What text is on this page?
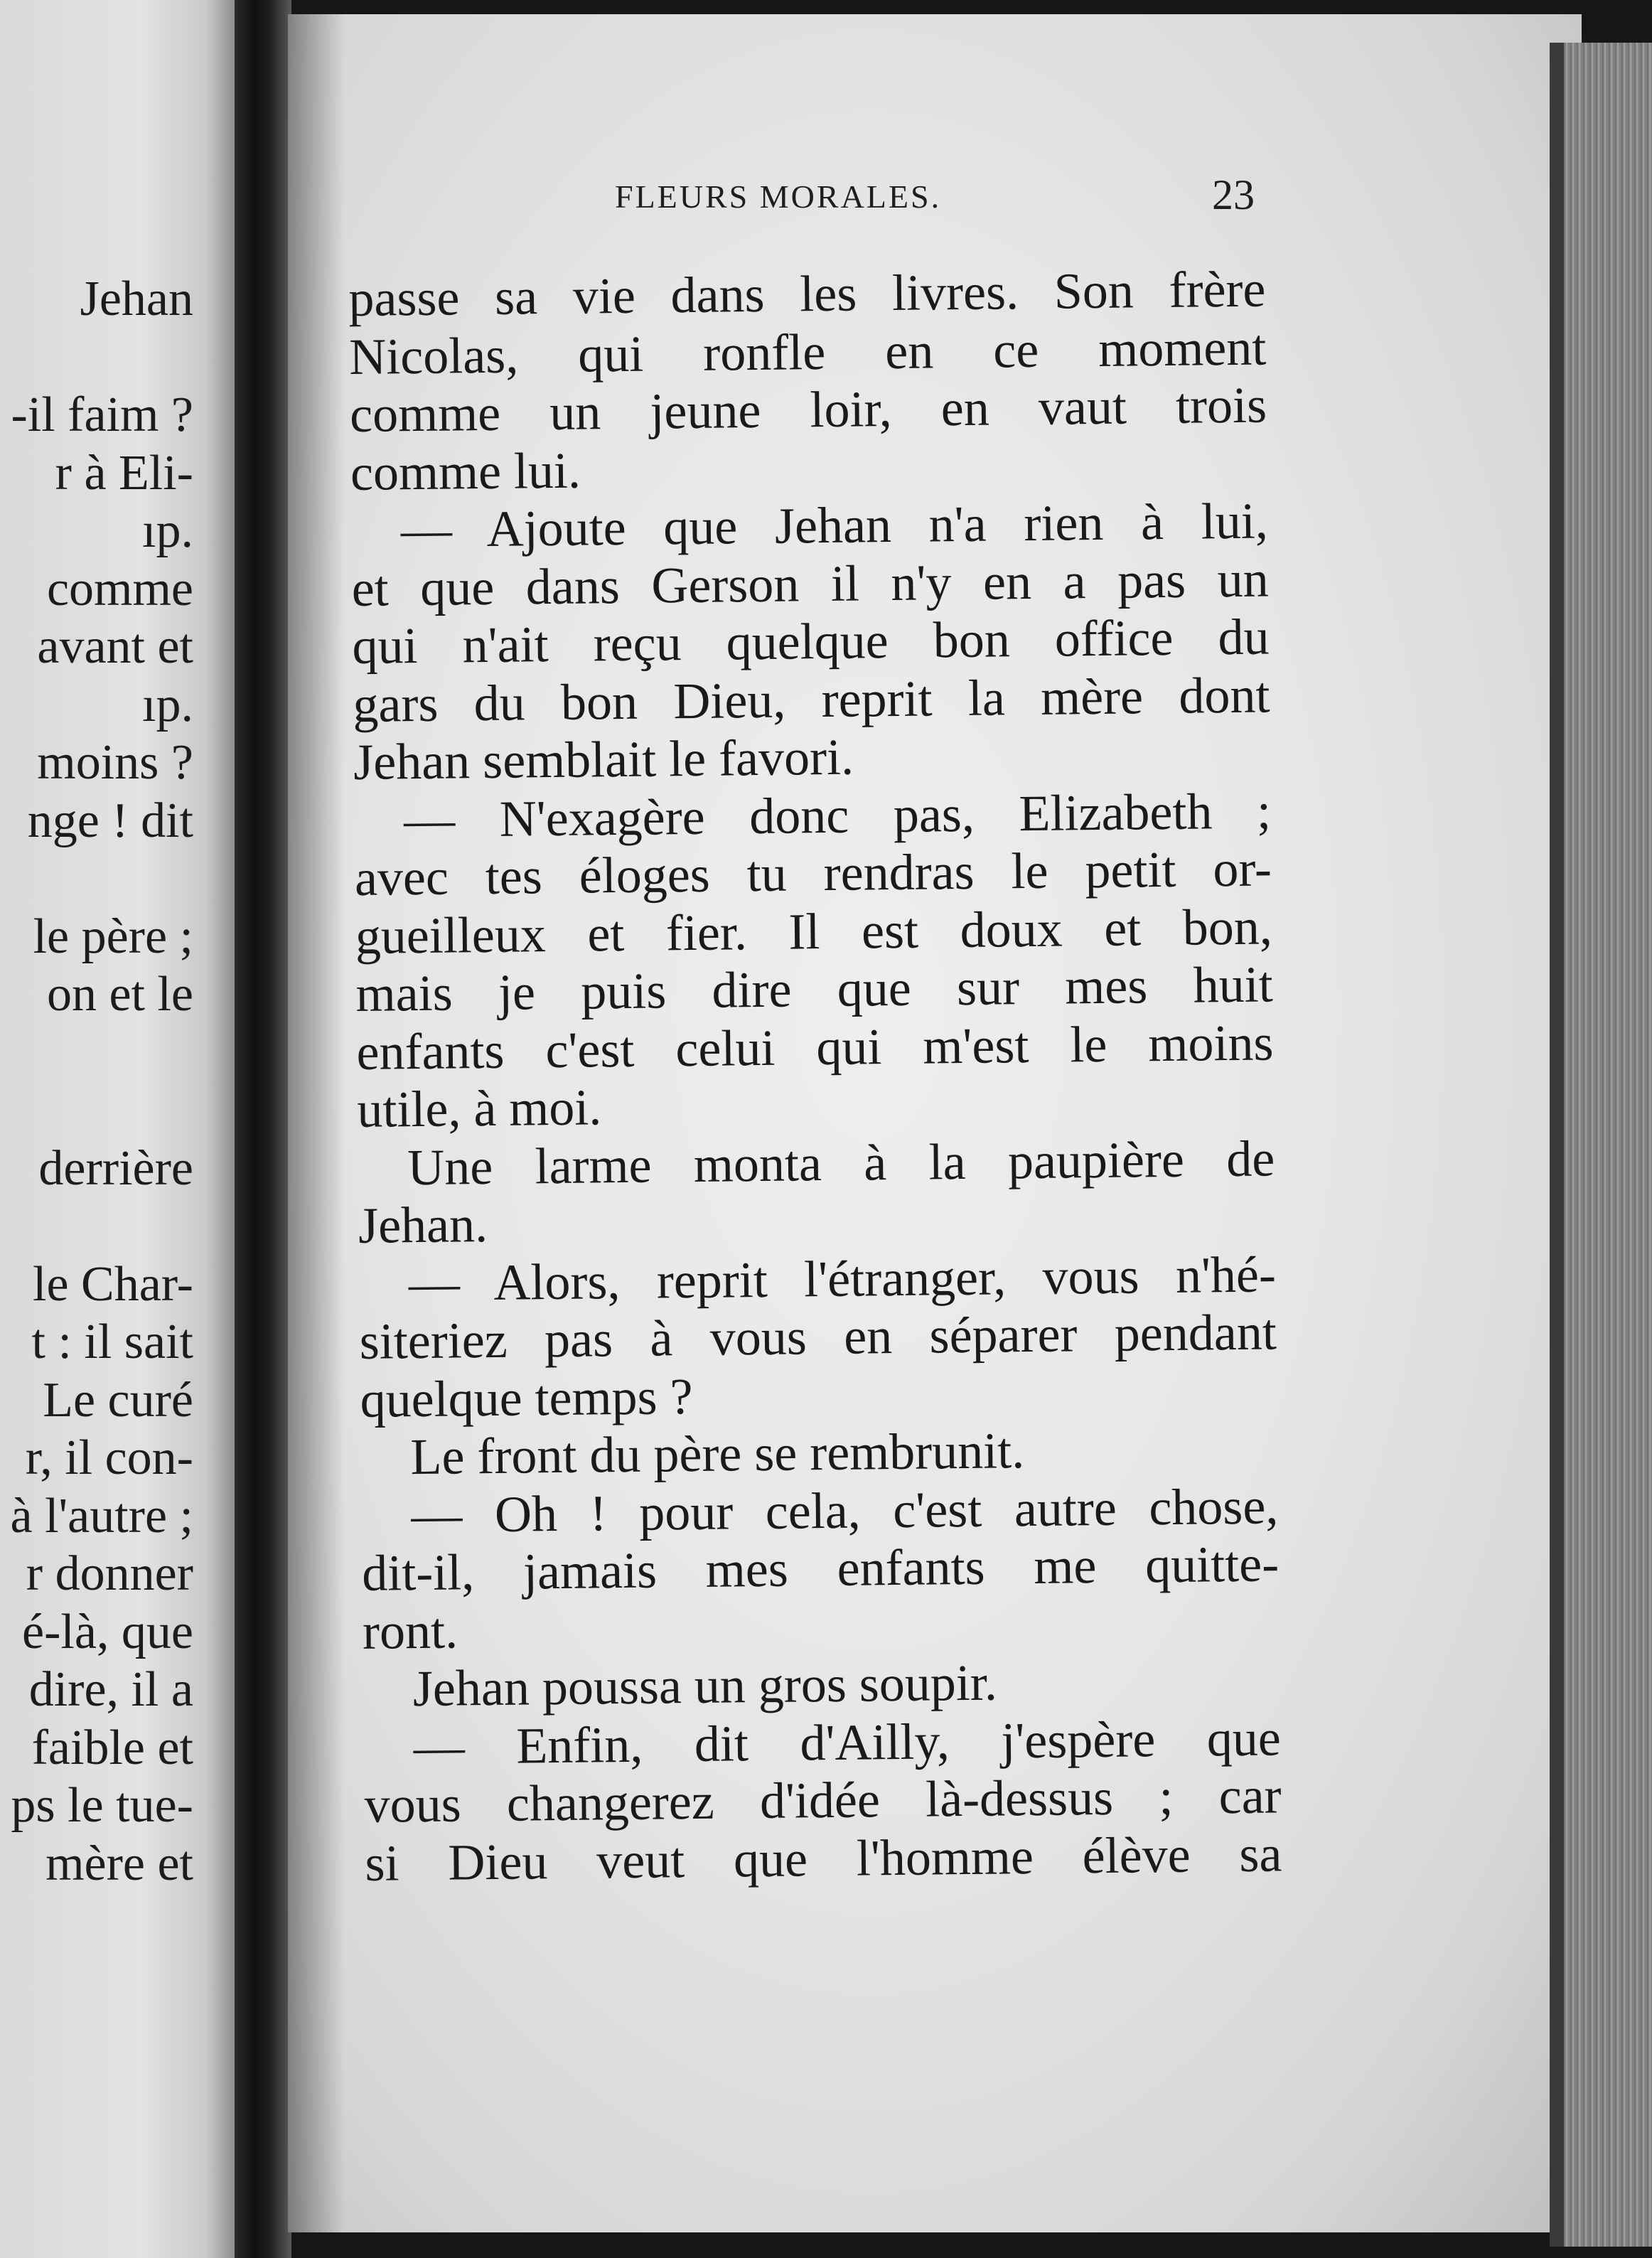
Jehan
-il faim ?
r à Eli-
ıp.
comme
avant et
ıp.
moins ?
nge ! dit
le père ;
on et le
derrière
le Char-
t : il sait
Le curé
r, il con-
à l'autre ;
r donner
é-là, que
dire, il a
faible et
ps le tue-
mère et
FLEURS MORALES.	23
passe sa vie dans les livres. Son frère
Nicolas, qui ronfle en ce moment
comme un jeune loir, en vaut trois
comme lui.
— Ajoute que Jehan n'a rien à lui,
et que dans Gerson il n'y en a pas un
qui n'ait reçu quelque bon office du
gars du bon Dieu, reprit la mère dont
Jehan semblait le favori.
— N'exagère donc pas, Elizabeth ;
avec tes éloges tu rendras le petit or-
gueilleux et fier. Il est doux et bon,
mais je puis dire que sur mes huit
enfants c'est celui qui m'est le moins
utile, à moi.
Une larme monta à la paupière de
Jehan.
— Alors, reprit l'étranger, vous n'hé-
siteriez pas à vous en séparer pendant
quelque temps ?
Le front du père se rembrunit.
— Oh ! pour cela, c'est autre chose,
dit-il, jamais mes enfants me quitte-
ront.
Jehan poussa un gros soupir.
— Enfin, dit d'Ailly, j'espère que
vous changerez d'idée là-dessus ; car
si Dieu veut que l'homme élève sa
